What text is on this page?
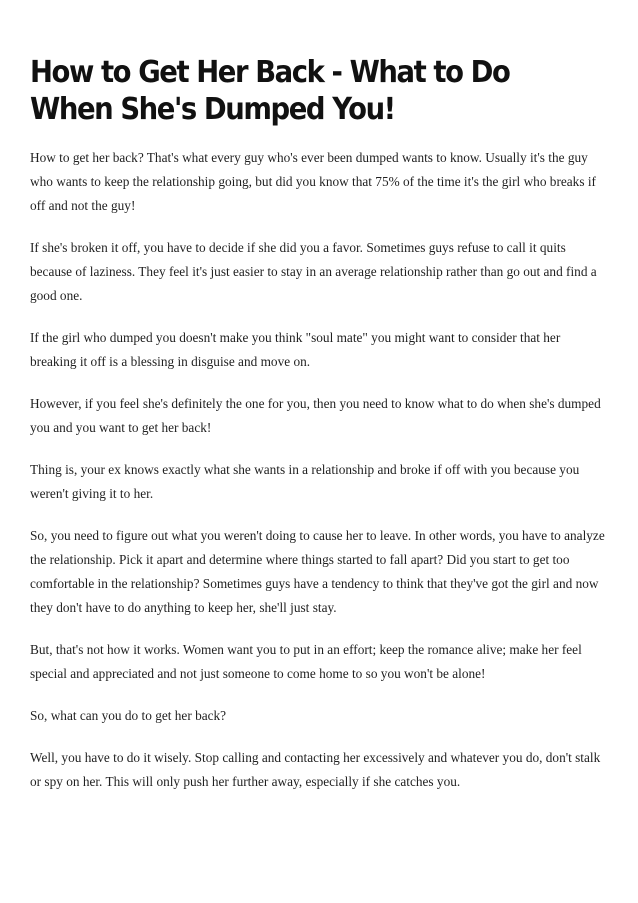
How to Get Her Back - What to Do
When She's Dumped You!

How to get her back? That's what every guy who's ever been dumped wants to know. Usually it's the guy who wants to keep the relationship going, but did you know that 75% of the time it's the girl who breaks if off and not the guy!

If she's broken it off, you have to decide if she did you a favor. Sometimes guys refuse to call it quits because of laziness. They feel it's just easier to stay in an average relationship rather than go out and find a good one.

If the girl who dumped you doesn't make you think "soul mate" you might want to consider that her breaking it off is a blessing in disguise and move on.

However, if you feel she's definitely the one for you, then you need to know what to do when she's dumped you and you want to get her back!

Thing is, your ex knows exactly what she wants in a relationship and broke if off with you because you weren't giving it to her.

So, you need to figure out what you weren't doing to cause her to leave. In other words, you have to analyze the relationship. Pick it apart and determine where things started to fall apart? Did you start to get too comfortable in the relationship? Sometimes guys have a tendency to think that they've got the girl and now they don't have to do anything to keep her, she'll just stay.

But, that's not how it works. Women want you to put in an effort; keep the romance alive; make her feel special and appreciated and not just someone to come home to so you won't be alone!

So, what can you do to get her back?

Well, you have to do it wisely. Stop calling and contacting her excessively and whatever you do, don't stalk or spy on her. This will only push her further away, especially if she catches you.
